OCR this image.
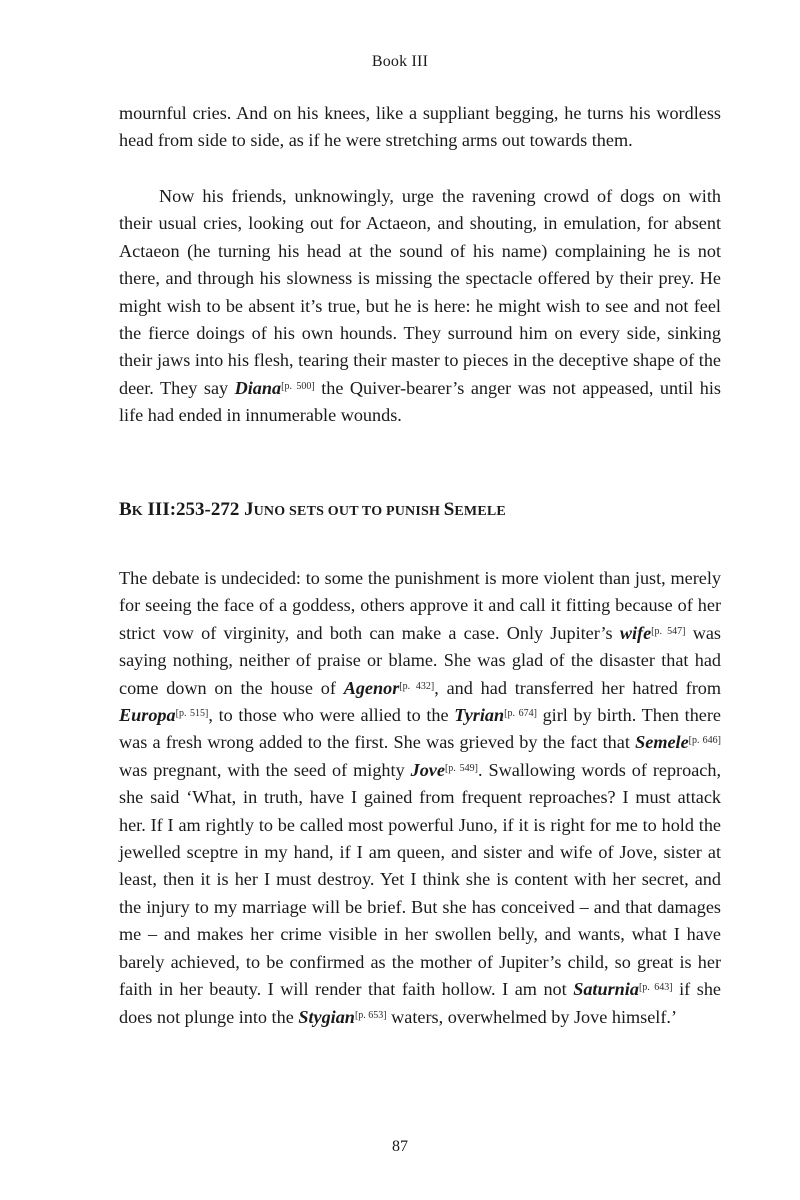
Book III

mournful cries. And on his knees, like a suppliant begging, he turns his wordless head from side to side, as if he were stretching arms out towards them.

Now his friends, unknowingly, urge the ravening crowd of dogs on with their usual cries, looking out for Actaeon, and shouting, in emulation, for absent Actaeon (he turning his head at the sound of his name) complaining he is not there, and through his slowness is missing the spectacle offered by their prey. He might wish to be absent it’s true, but he is here: he might wish to see and not feel the fierce doings of his own hounds. They surround him on every side, sinking their jaws into his flesh, tearing their master to pieces in the deceptive shape of the deer. They say Diana[p. 500] the Quiver-bearer’s anger was not appeased, until his life had ended in innumerable wounds.

BK III:253-272 JUNO SETS OUT TO PUNISH SEMELE

The debate is undecided: to some the punishment is more violent than just, merely for seeing the face of a goddess, others approve it and call it fitting because of her strict vow of virginity, and both can make a case. Only Jupiter’s wife[p. 547] was saying nothing, neither of praise or blame. She was glad of the disaster that had come down on the house of Agenor[p. 432], and had transferred her hatred from Europa[p. 515], to those who were allied to the Tyrian[p. 674] girl by birth. Then there was a fresh wrong added to the first. She was grieved by the fact that Semele[p. 646] was pregnant, with the seed of mighty Jove[p. 549]. Swallowing words of reproach, she said ‘What, in truth, have I gained from frequent reproaches? I must attack her. If I am rightly to be called most powerful Juno, if it is right for me to hold the jewelled sceptre in my hand, if I am queen, and sister and wife of Jove, sister at least, then it is her I must destroy. Yet I think she is content with her secret, and the injury to my marriage will be brief. But she has conceived – and that damages me – and makes her crime visible in her swollen belly, and wants, what I have barely achieved, to be confirmed as the mother of Jupiter’s child, so great is her faith in her beauty. I will render that faith hollow. I am not Saturnia[p. 643] if she does not plunge into the Stygian[p. 653] waters, overwhelmed by Jove himself.’

87
